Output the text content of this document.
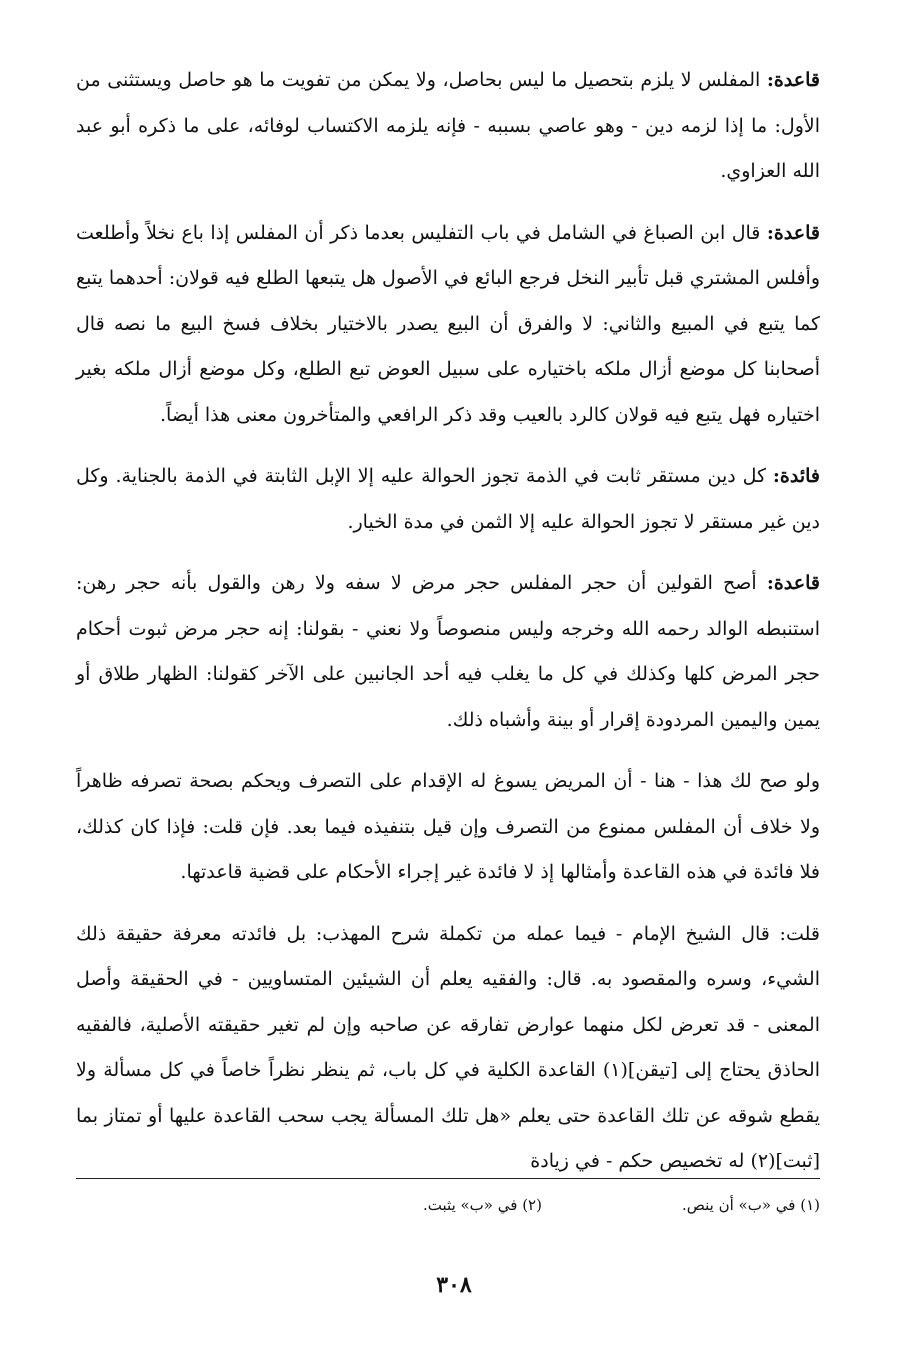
قاعدة: المفلس لا يلزم بتحصيل ما ليس بحاصل، ولا يمكن من تفويت ما هو حاصل ويستثنى من الأول: ما إذا لزمه دين - وهو عاصي بسببه - فإنه يلزمه الاكتساب لوفائه، على ما ذكره أبو عبد الله العزاوي.

قاعدة: قال ابن الصباغ في الشامل في باب التفليس بعدما ذكر أن المفلس إذا باع نخلاً وأطلعت وأفلس المشتري قبل تأبير النخل فرجع البائع في الأصول هل يتبعها الطلع فيه قولان: أحدهما يتبع كما يتبع في المبيع والثاني: لا والفرق أن البيع يصدر بالاختيار بخلاف فسخ البيع ما نصه قال أصحابنا كل موضع أزال ملكه باختياره على سبيل العوض تبع الطلع، وكل موضع أزال ملكه بغير اختياره فهل يتبع فيه قولان كالرد بالعيب وقد ذكر الرافعي والمتأخرون معنى هذا أيضاً.

فائدة: كل دين مستقر ثابت في الذمة تجوز الحوالة عليه إلا الإبل الثابتة في الذمة بالجناية. وكل دين غير مستقر لا تجوز الحوالة عليه إلا الثمن في مدة الخيار.

قاعدة: أصح القولين أن حجر المفلس حجر مرض لا سفه ولا رهن والقول بأنه حجر رهن: استنبطه الوالد رحمه الله وخرجه وليس منصوصاً ولا نعني - بقولنا: إنه حجر مرض ثبوت أحكام حجر المرض كلها وكذلك في كل ما يغلب فيه أحد الجانبين على الآخر كقولنا: الظهار طلاق أو يمين واليمين المردودة إقرار أو بينة وأشباه ذلك.

ولو صح لك هذا - هنا - أن المريض يسوغ له الإقدام على التصرف ويحكم بصحة تصرفه ظاهراً ولا خلاف أن المفلس ممنوع من التصرف وإن قيل بتنفيذه فيما بعد. فإن قلت: فإذا كان كذلك، فلا فائدة في هذه القاعدة وأمثالها إذ لا فائدة غير إجراء الأحكام على قضية قاعدتها.

قلت: قال الشيخ الإمام - فيما عمله من تكملة شرح المهذب: بل فائدته معرفة حقيقة ذلك الشيء، وسره والمقصود به. قال: والفقيه يعلم أن الشيئين المتساويين - في الحقيقة وأصل المعنى - قد تعرض لكل منهما عوارض تفارقه عن صاحبه وإن لم تغير حقيقته الأصلية، فالفقيه الحاذق يحتاج إلى [تيقن](١) القاعدة الكلية في كل باب، ثم ينظر نظراً خاصاً في كل مسألة ولا يقطع شوقه عن تلك القاعدة حتى يعلم «هل تلك المسألة يجب سحب القاعدة عليها أو تمتاز بما [ثبت](٢) له تخصيص حكم - في زيادة

(١) في «ب» أن ينص.
(٢) في «ب» يثبت.
٣٠٨
